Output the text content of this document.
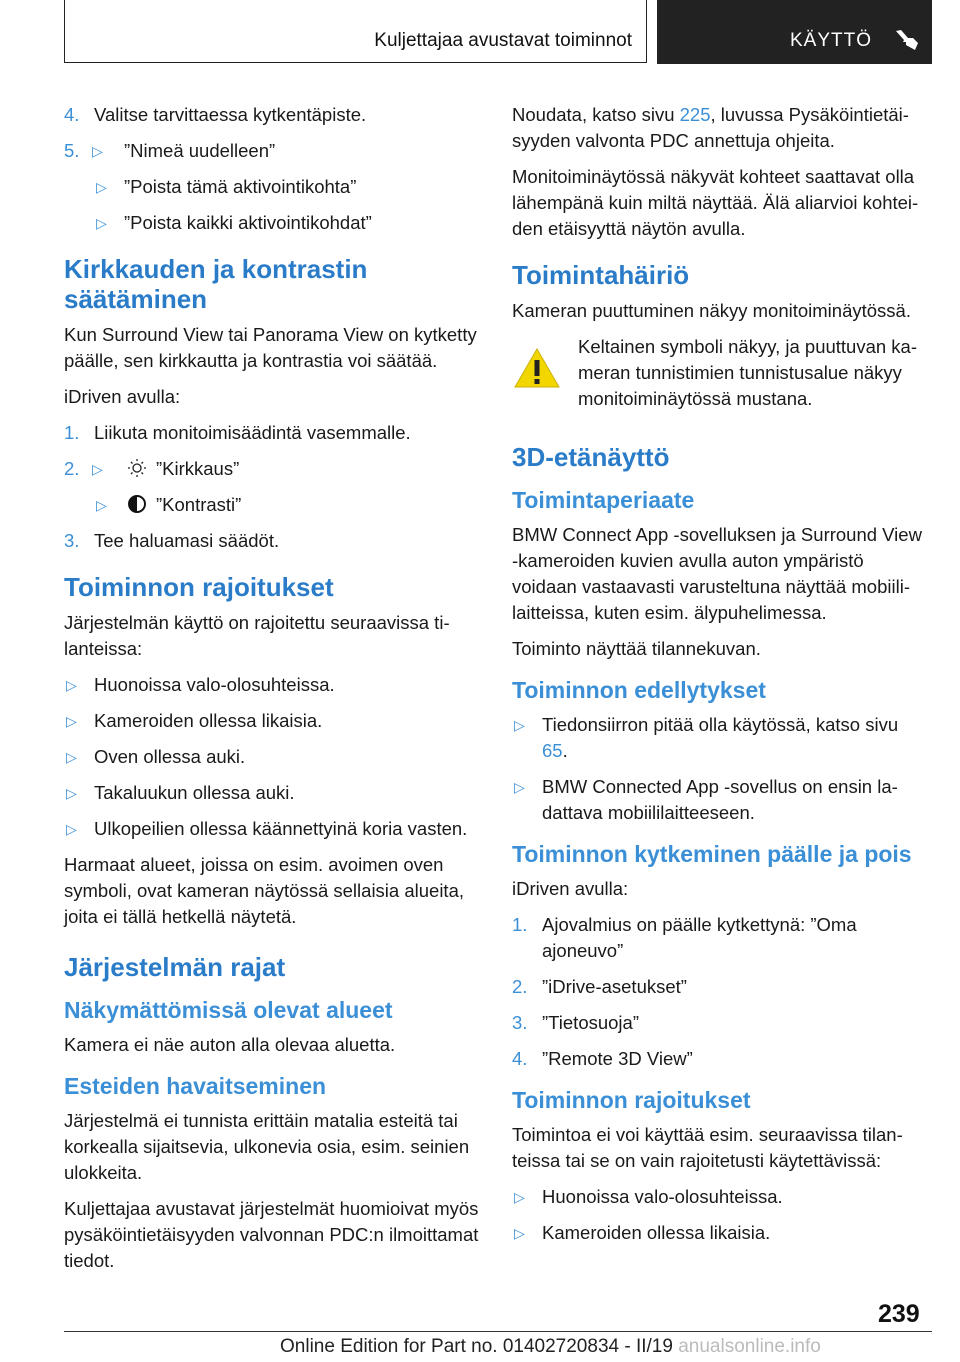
Kuljettajaa avustavat toiminnot	KÄYTTÖ
4. Valitse tarvittaessa kytkentäpiste.
5. ▷ ”Nimeä uudelleen”
▷ ”Poista tämä aktivointikohta”
▷ ”Poista kaikki aktivointikohdat”
Kirkkauden ja kontrastin säätäminen

Kun Surround View tai Panorama View on kytketty päälle, sen kirkkautta ja kontrastia voi säätää.

iDriven avulla:

1. Liikuta monitoimisäädintä vasemmalle.
2. ▷	”Kirkkaus”
▷	”Kontrasti”
3. Tee haluamasi säädöt.
Toiminnon rajoitukset

Järjestelmän käyttö on rajoitettu seuraavissa tilanteissa:

▷ Huonoissa valo-olosuhteissa.
▷ Kameroiden ollessa likaisia.
▷ Oven ollessa auki.
▷ Takaluukun ollessa auki.
▷ Ulkopeilien ollessa käännettyinä koria vasten.

Harmaat alueet, joissa on esim. avoimen oven symboli, ovat kameran näytössä sellaisia alueita, joita ei tällä hetkellä näytetä.

Järjestelmän rajat
Näkymättömissä olevat alueet

Kamera ei näe auton alla olevaa aluetta.

Esteiden havaitseminen

Järjestelmä ei tunnista erittäin matalia esteitä tai korkealla sijaitsevia, ulkonevia osia, esim. seinien ulokkeita.

Kuljettajaa avustavat järjestelmät huomioivat myös pysäköintietäisyyden valvonnan PDC:n ilmoittamat tiedot.

Noudata, katso sivu 225, luvussa Pysäköintietäisyyden valvonta PDC annettuja ohjeita.

Monitoiminäytössä näkyvät kohteet saattavat olla lähempänä kuin miltä näyttää. Älä aliarvioi kohteiden etäisyyttä näytön avulla.

Toimintahäiriö

Kameran puuttuminen näkyy monitoiminäytössä.

Keltainen symboli näkyy, ja puuttuvan kameran tunnistimien tunnistusalue näkyy monitoiminäytössä mustana.
3D-etänäyttö
Toimintaperiaate

BMW Connect App -sovelluksen ja Surround View -kameroiden kuvien avulla auton ympäristö voidaan vastaavasti varusteltuna näyttää mobiililaitteissa, kuten esim. älypuhelimessa.

Toiminto näyttää tilannekuvan.

Toiminnon edellytykset
▷ Tiedonsiirron pitää olla käytössä, katso sivu 65.
▷ BMW Connected App -sovellus on ensin ladattava mobiililaitteeseen.
Toiminnon kytkeminen päälle ja pois

iDriven avulla:

1. Ajovalmius on päälle kytkettynä: ”Oma ajoneuvo”
2. ”iDrive-asetukset”
3. ”Tietosuoja”
4. ”Remote 3D View”
Toiminnon rajoitukset

Toimintoa ei voi käyttää esim. seuraavissa tilanteissa tai se on vain rajoitetusti käytettävissä:

▷ Huonoissa valo-olosuhteissa.
▷ Kameroiden ollessa likaisia.
239
Online Edition for Part no. 01402720834 - II/19 anualsonline.info
